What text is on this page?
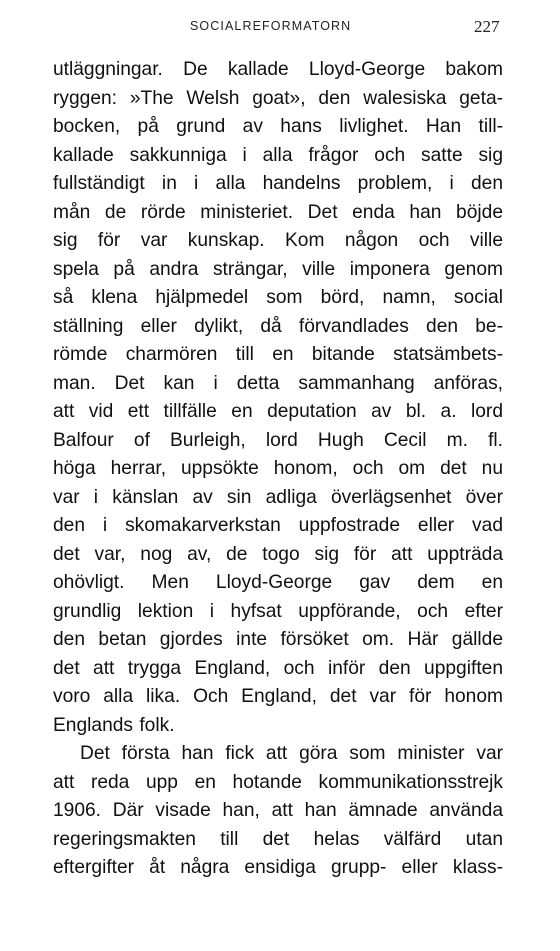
SOCIALREFORMATORN	227
utläggningar. De kallade Lloyd-George bakom
ryggen: »The Welsh goat», den walesiska geta-
bocken, på grund av hans livlighet. Han till-
kallade sakkunniga i alla frågor och satte sig
fullständigt in i alla handelns problem, i den
mån de rörde ministeriet. Det enda han böjde
sig för var kunskap. Kom någon och ville
spela på andra strängar, ville imponera genom
så klena hjälpmedel som börd, namn, social
ställning eller dylikt, då förvandlades den be-
römde charmören till en bitande statsämbets-
man. Det kan i detta sammanhang anföras,
att vid ett tillfälle en deputation av bl. a. lord
Balfour of Burleigh, lord Hugh Cecil m. fl.
höga herrar, uppsökte honom, och om det nu
var i känslan av sin adliga överlägsenhet över
den i skomakarverkstan uppfostrade eller vad
det var, nog av, de togo sig för att uppträda
ohövligt. Men Lloyd-George gav dem en
grundlig lektion i hyfsat uppförande, och efter
den betan gjordes inte försöket om. Här gällde
det att trygga England, och inför den uppgiften
voro alla lika. Och England, det var för honom
Englands folk.
Det första han fick att göra som minister var
att reda upp en hotande kommunikationsstrejk
1906. Där visade han, att han ämnade använda
regeringsmakten till det helas välfärd utan
eftergifter åt några ensidiga grupp- eller klass-
